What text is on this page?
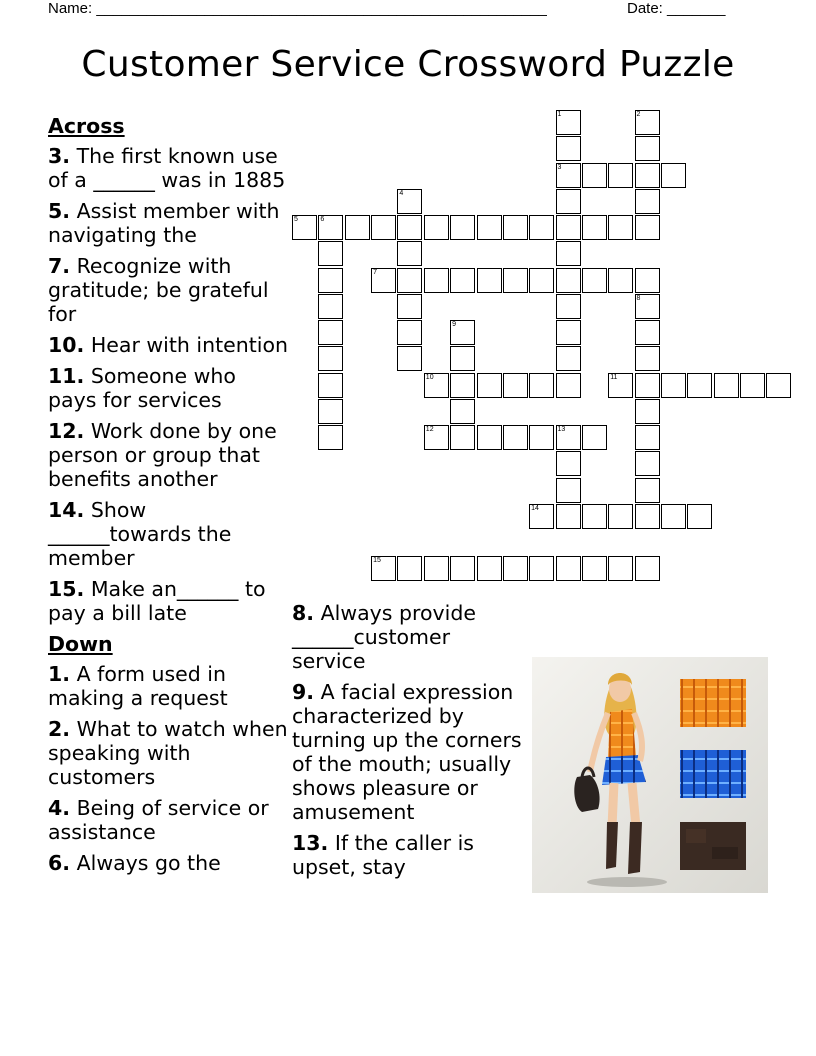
Name: ______________________________________________________	Date: _______
Customer Service Crossword Puzzle
Across
3. The first known use of a ______ was in 1885
5. Assist member with navigating the
7. Recognize with gratitude; be grateful for
10. Hear with intention
11. Someone who pays for services
12. Work done by one person or group that benefits another
14. Show ______towards the member
15. Make an______ to pay a bill late
Down
1. A form used in making a request
2. What to watch when speaking with customers
4. Being of service or assistance
6. Always go the
8. Always provide ______customer service
9. A facial expression characterized by turning up the corners of the mouth; usually shows pleasure or amusement
13. If the caller is upset, stay
3
5	6
7
10	11
12	13
14
15
1	2
4
8
9
